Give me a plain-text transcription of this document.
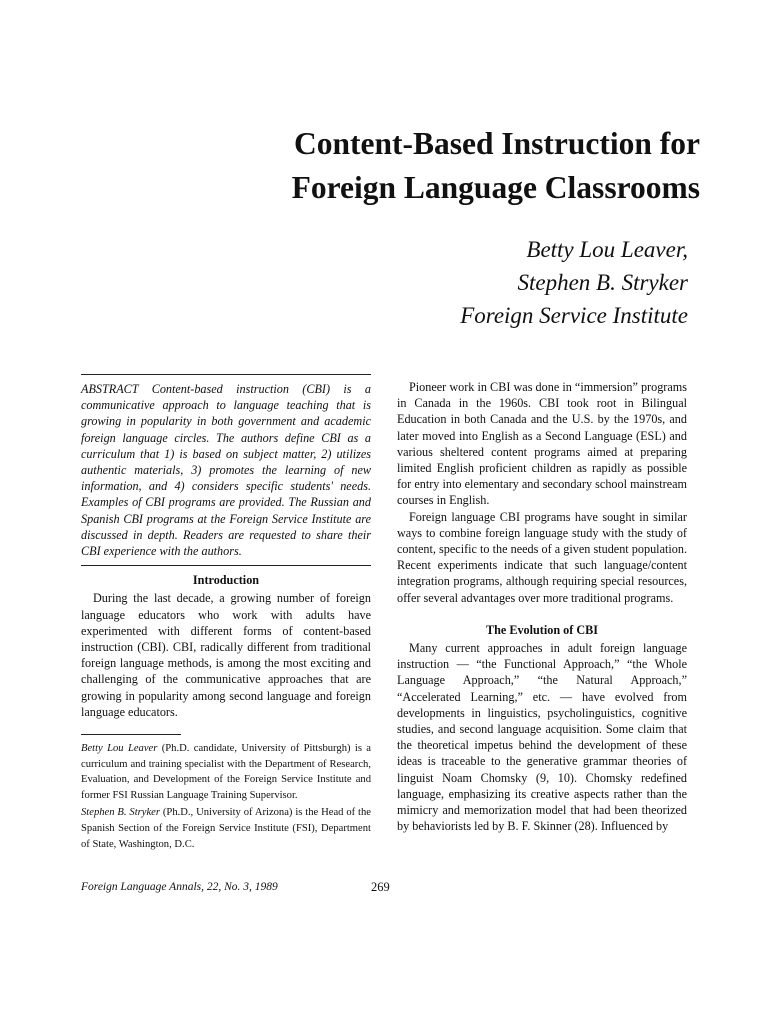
Content-Based Instruction for
Foreign Language Classrooms
Betty Lou Leaver,
Stephen B. Stryker
Foreign Service Institute

ABSTRACT Content-based instruction (CBI) is a communicative approach to language teaching that is growing in popularity in both government and academic foreign language circles. The authors define CBI as a curriculum that 1) is based on subject matter, 2) utilizes authentic materials, 3) promotes the learning of new information, and 4) considers specific students' needs. Examples of CBI programs are provided. The Russian and Spanish CBI programs at the Foreign Service Institute are discussed in depth. Readers are requested to share their CBI experience with the authors.

Introduction

During the last decade, a growing number of foreign language educators who work with adults have experimented with different forms of content-based instruction (CBI). CBI, radically different from traditional foreign language methods, is among the most exciting and challenging of the communicative approaches that are growing in popularity among second language and foreign language educators.

Betty Lou Leaver (Ph.D. candidate, University of Pittsburgh) is a curriculum and training specialist with the Department of Research, Evaluation, and Development of the Foreign Service Institute and former FSI Russian Language Training Supervisor.

Stephen B. Stryker (Ph.D., University of Arizona) is the Head of the Spanish Section of the Foreign Service Institute (FSI), Department of State, Washington, D.C.

Pioneer work in CBI was done in “immersion” programs in Canada in the 1960s. CBI took root in Bilingual Education in both Canada and the U.S. by the 1970s, and later moved into English as a Second Language (ESL) and various sheltered content programs aimed at preparing limited English proficient children as rapidly as possible for entry into elementary and secondary school mainstream courses in English.

Foreign language CBI programs have sought in similar ways to combine foreign language study with the study of content, specific to the needs of a given student population. Recent experiments indicate that such language/content integration programs, although requiring special resources, offer several advantages over more traditional programs.

The Evolution of CBI

Many current approaches in adult foreign language instruction — “the Functional Approach,” “the Whole Language Approach,” “the Natural Approach,” “Accelerated Learning,” etc. — have evolved from developments in linguistics, psycholinguistics, cognitive studies, and second language acquisition. Some claim that the theoretical impetus behind the development of these ideas is traceable to the generative grammar theories of linguist Noam Chomsky (9, 10). Chomsky redefined language, emphasizing its creative aspects rather than the mimicry and memorization model that had been theorized by behaviorists led by B. F. Skinner (28). Influenced by

Foreign Language Annals, 22, No. 3, 1989	269
